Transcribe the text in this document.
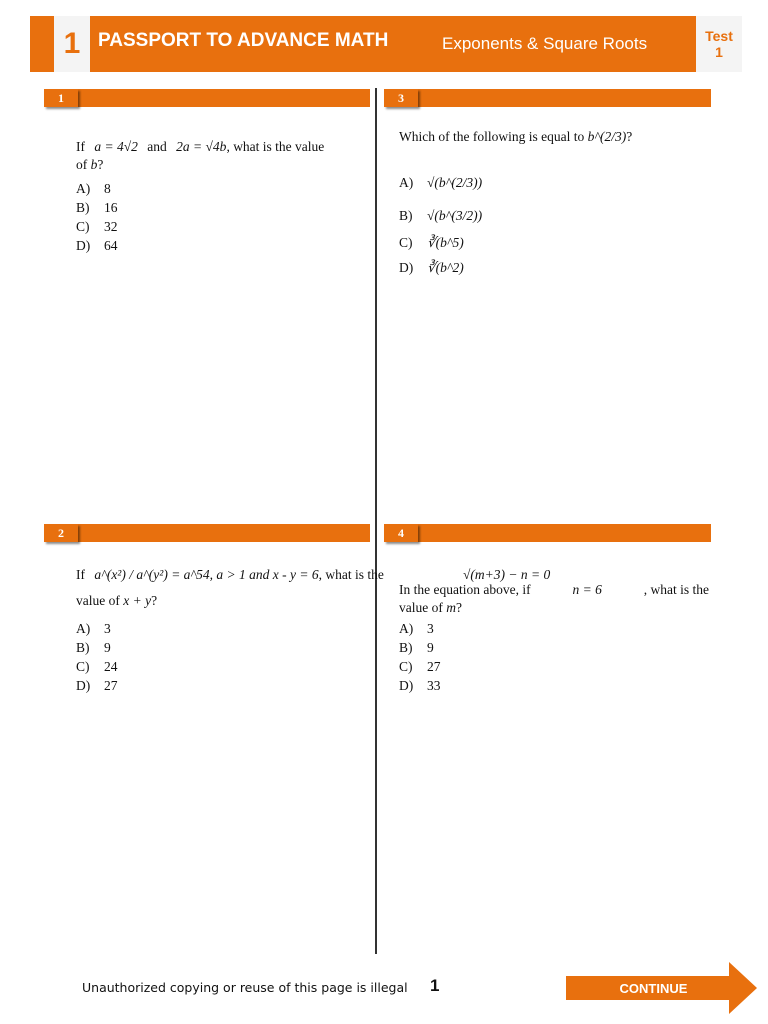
1 PASSPORT TO ADVANCE MATH	Exponents & Square Roots	Test
1
1
If a = 4√2 and 2a = √4b, what is the value
of b?
A)	8
B)	16
C)	32
D)	64
2
If a^(x²) / a^(y²) = a^54, a > 1 and x - y = 6, what is the
value of x + y?
A)	3
B)	9
C)	24
D)	27
3
Which of the following is equal to b^(2/3)?
A)	√(b^(2/3))
B)	√(b^(3/2))
C)	∛(b^5)
D)	∛(b^2)
4
√(m+3) − n = 0
In the equation above, if	n = 6	, what is the
value of m?
A)	3
B)	9
C)	27
D)	33
Unauthorized copying or reuse of this page is illegal 1	CONTINUE
